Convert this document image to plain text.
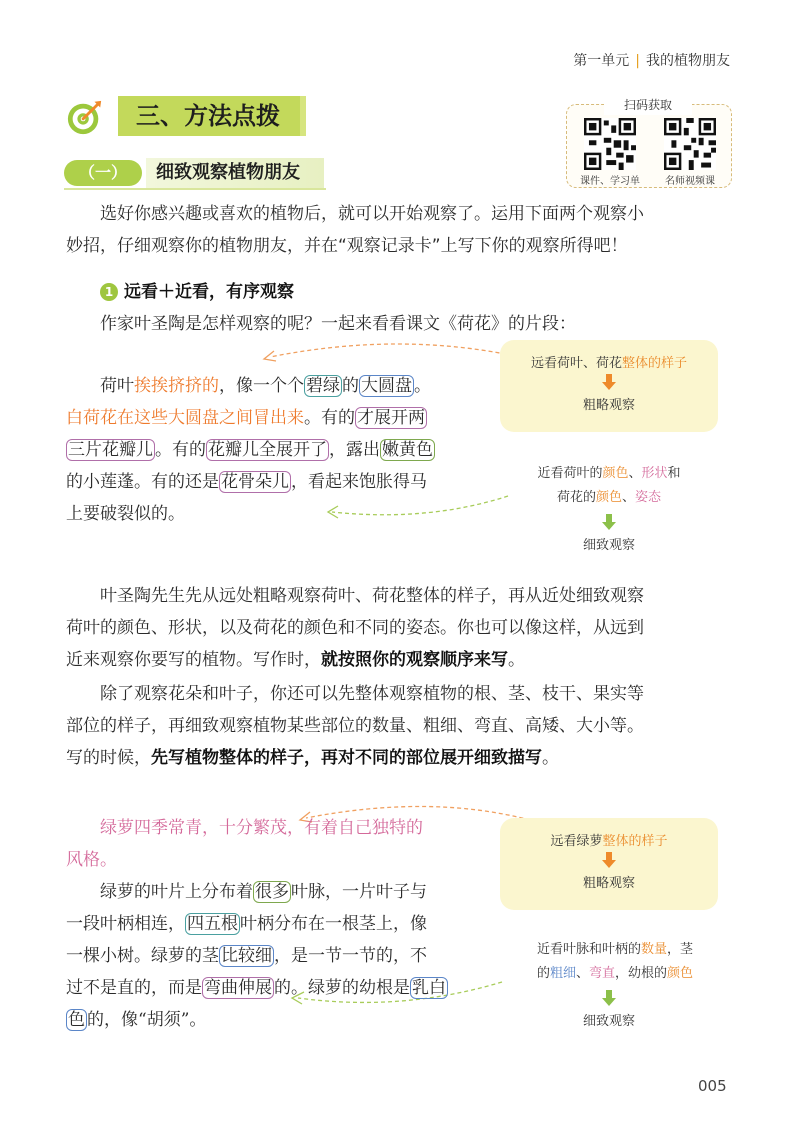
第一单元 | 我的植物朋友
三、方法点拨	扫码获取
课件、学习单	名师视频课
（一）	细致观察植物朋友
选好你感兴趣或喜欢的植物后，就可以开始观察了。运用下面两个观察小
妙招，仔细观察你的植物朋友，并在“观察记录卡”上写下你的观察所得吧！
1 远看＋近看，有序观察
作家叶圣陶是怎样观察的呢？一起来看看课文《荷花》的片段：
荷叶挨挨挤挤的，像一个个 碧绿 的 大圆盘 。
白荷花在这些大圆盘之间冒出来。有的 才展开两
三片花瓣儿 。有的 花瓣儿全展开了 ，露出 嫩黄色
的小莲蓬。有的还是 花骨朵儿 ，看起来饱胀得马
上要破裂似的。
远看荷叶、荷花整体的样子
粗略观察
近看荷叶的颜色、形状和
荷花的颜色、姿态
细致观察
叶圣陶先生先从远处粗略观察荷叶、荷花整体的样子，再从近处细致观察
荷叶的颜色、形状，以及荷花的颜色和不同的姿态。你也可以像这样，从远到
近来观察你要写的植物。写作时，就按照你的观察顺序来写。
除了观察花朵和叶子，你还可以先整体观察植物的根、茎、枝干、果实等
部位的样子，再细致观察植物某些部位的数量、粗细、弯直、高矮、大小等。
写的时候，先写植物整体的样子，再对不同的部位展开细致描写。
绿萝四季常青，十分繁茂，有着自己独特的
风格。
绿萝的叶片上分布着 很多 叶脉，一片叶子与
一段叶柄相连， 四五根 叶柄分布在一根茎上，像
一棵小树。绿萝的茎 比较细 ，是一节一节的，不
过不是直的，而是 弯曲伸展 的。绿萝的幼根是 乳白
色 的，像“胡须”。
远看绿萝整体的样子
粗略观察
近看叶脉和叶柄的数量，茎
的粗细、弯直，幼根的颜色
细致观察
005
